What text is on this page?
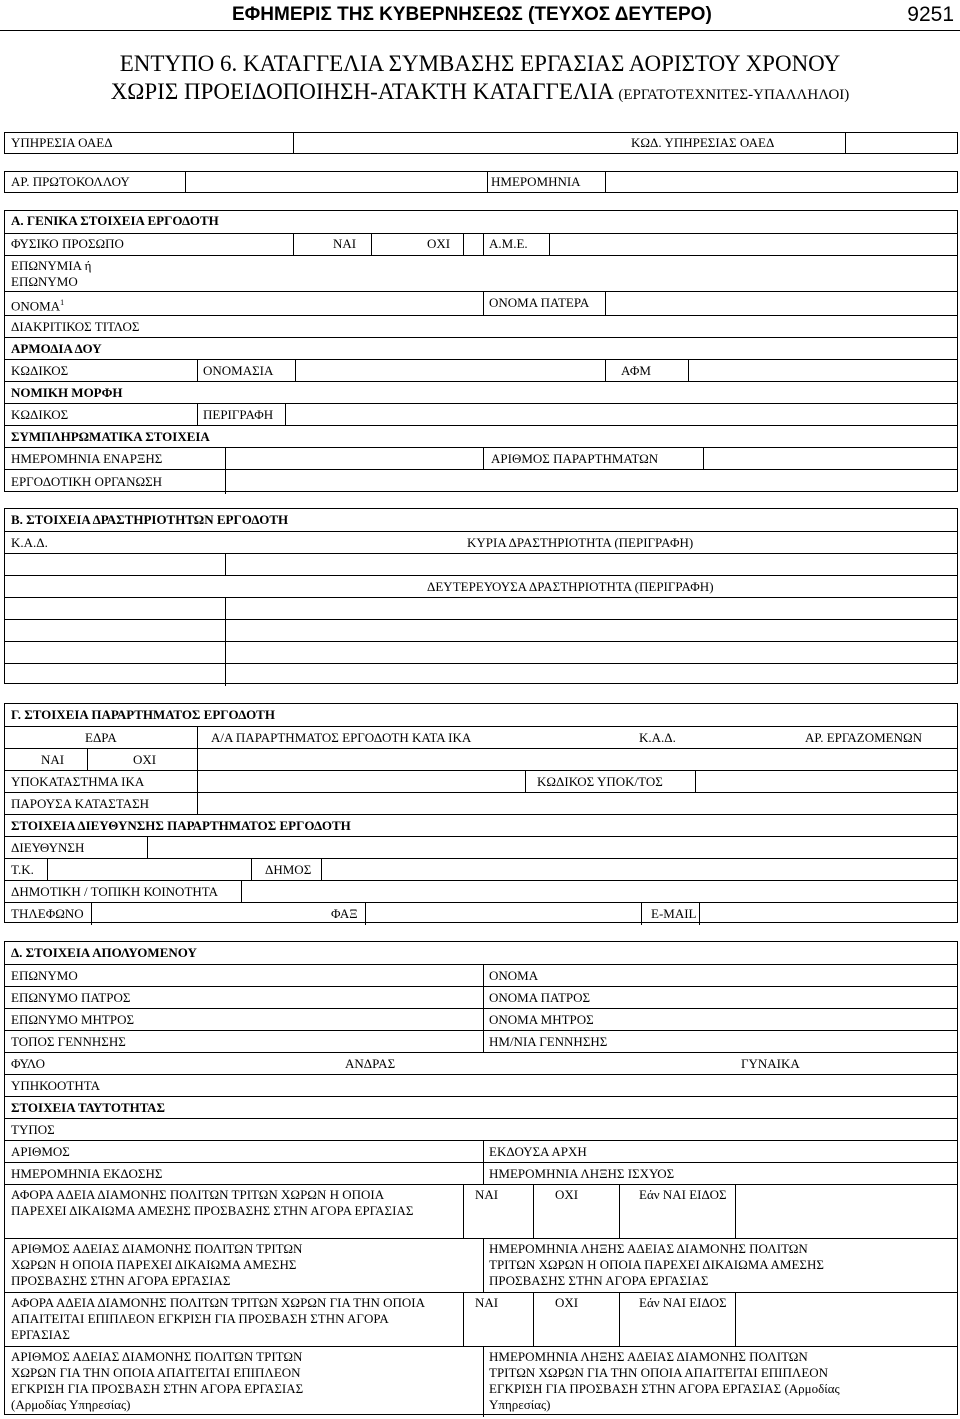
ΕΦΗΜΕΡΙΣ ΤΗΣ ΚΥΒΕΡΝΗΣΕΩΣ (ΤΕΥΧΟΣ ΔΕΥΤΕΡΟ)	9251
ΕΝΤΥΠΟ 6. ΚΑΤΑΓΓΕΛΙΑ ΣΥΜΒΑΣΗΣ ΕΡΓΑΣΙΑΣ ΑΟΡΙΣΤΟΥ ΧΡΟΝΟΥ
ΧΩΡΙΣ ΠΡΟΕΙΔΟΠΟΙΗΣΗ-ΑΤΑΚΤΗ ΚΑΤΑΓΓΕΛΙΑ (ΕΡΓΑΤΟΤΕΧΝΙΤΕΣ-ΥΠΑΛΛΗΛΟΙ)
ΥΠΗΡΕΣΙΑ ΟΑΕΔ	ΚΩΔ. ΥΠΗΡΕΣΙΑΣ ΟΑΕΔ
ΑΡ. ΠΡΩΤΟΚΟΛΛΟΥ	ΗΜΕΡΟΜΗΝΙΑ
Α. ΓΕΝΙΚΑ ΣΤΟΙΧΕΙΑ ΕΡΓΟΔΟΤΗ
ΦΥΣΙΚΟ ΠΡΟΣΩΠΟ	ΝΑΙ	ΟΧΙ	Α.Μ.Ε.
ΕΠΩΝΥΜΙΑ ή
ΕΠΩΝΥΜΟ
ΟΝΟΜΑ$^1$	ΟΝΟΜΑ ΠΑΤΕΡΑ
ΔΙΑΚΡΙΤΙΚΟΣ ΤΙΤΛΟΣ
ΑΡΜΟΔΙΑ ΔΟΥ
ΚΩΔΙΚΟΣ	ΟΝΟΜΑΣΙΑ	ΑΦΜ
ΝΟΜΙΚΗ ΜΟΡΦΗ
ΚΩΔΙΚΟΣ	ΠΕΡΙΓΡΑΦΗ
ΣΥΜΠΛΗΡΩΜΑΤΙΚΑ ΣΤΟΙΧΕΙΑ
ΗΜΕΡΟΜΗΝΙΑ ΕΝΑΡΞΗΣ	ΑΡΙΘΜΟΣ ΠΑΡΑΡΤΗΜΑΤΩΝ
ΕΡΓΟΔΟΤΙΚΗ ΟΡΓΑΝΩΣΗ
Β. ΣΤΟΙΧΕΙΑ ΔΡΑΣΤΗΡΙΟΤΗΤΩΝ ΕΡΓΟΔΟΤΗ
Κ.Α.Δ.	ΚΥΡΙΑ ΔΡΑΣΤΗΡΙΟΤΗΤΑ (ΠΕΡΙΓΡΑΦΗ)
ΔΕΥΤΕΡΕΥΟΥΣΑ ΔΡΑΣΤΗΡΙΟΤΗΤΑ (ΠΕΡΙΓΡΑΦΗ)
Γ. ΣΤΟΙΧΕΙΑ ΠΑΡΑΡΤΗΜΑΤΟΣ ΕΡΓΟΔΟΤΗ
ΕΔΡΑ	Α/Α ΠΑΡΑΡΤΗΜΑΤΟΣ ΕΡΓΟΔΟΤΗ ΚΑΤΑ ΙΚΑ	Κ.Α.Δ.	ΑΡ. ΕΡΓΑΖΟΜΕΝΩΝ
ΝΑΙ	ΟΧΙ
ΥΠΟΚΑΤΑΣΤΗΜΑ ΙΚΑ	ΚΩΔΙΚΟΣ ΥΠΟΚ/ΤΟΣ
ΠΑΡΟΥΣΑ ΚΑΤΑΣΤΑΣΗ
ΣΤΟΙΧΕΙΑ ΔΙΕΥΘΥΝΣΗΣ ΠΑΡΑΡΤΗΜΑΤΟΣ ΕΡΓΟΔΟΤΗ
ΔΙΕΥΘΥΝΣΗ
Τ.Κ.	ΔΗΜΟΣ
ΔΗΜΟΤΙΚΗ / ΤΟΠΙΚΗ ΚΟΙΝΟΤΗΤΑ
ΤΗΛΕΦΩΝΟ	ΦΑΞ	E-MAIL
Δ. ΣΤΟΙΧΕΙΑ ΑΠΟΛΥΟΜΕΝΟΥ
ΕΠΩΝΥΜΟ	ΟΝΟΜΑ
ΕΠΩΝΥΜΟ ΠΑΤΡΟΣ	ΟΝΟΜΑ ΠΑΤΡΟΣ
ΕΠΩΝΥΜΟ ΜΗΤΡΟΣ	ΟΝΟΜΑ ΜΗΤΡΟΣ
ΤΟΠΟΣ ΓΕΝΝΗΣΗΣ	ΗΜ/ΝΙΑ ΓΕΝΝΗΣΗΣ
ΦΥΛΟ	ΑΝΔΡΑΣ	ΓΥΝΑΙΚΑ
ΥΠΗΚΟΟΤΗΤΑ
ΣΤΟΙΧΕΙΑ ΤΑΥΤΟΤΗΤΑΣ
ΤΥΠΟΣ
ΑΡΙΘΜΟΣ	ΕΚΔΟΥΣΑ ΑΡΧΗ
ΗΜΕΡΟΜΗΝΙΑ ΕΚΔΟΣΗΣ	ΗΜΕΡΟΜΗΝΙΑ ΛΗΞΗΣ ΙΣΧΥΟΣ
ΑΦΟΡΑ ΑΔΕΙΑ ΔΙΑΜΟΝΗΣ ΠΟΛΙΤΩΝ ΤΡΙΤΩΝ ΧΩΡΩΝ Η ΟΠΟΙΑ ΠΑΡΕΧΕΙ ΔΙΚΑΙΩΜΑ ΑΜΕΣΗΣ ΠΡΟΣΒΑΣΗΣ ΣΤΗΝ ΑΓΟΡΑ ΕΡΓΑΣΙΑΣ
ΝΑΙ	ΟΧΙ	Εάν ΝΑΙ ΕΙΔΟΣ
ΑΡΙΘΜΟΣ ΑΔΕΙΑΣ ΔΙΑΜΟΝΗΣ ΠΟΛΙΤΩΝ ΤΡΙΤΩΝ ΧΩΡΩΝ Η ΟΠΟΙΑ ΠΑΡΕΧΕΙ ΔΙΚΑΙΩΜΑ ΑΜΕΣΗΣ ΠΡΟΣΒΑΣΗΣ ΣΤΗΝ ΑΓΟΡΑ ΕΡΓΑΣΙΑΣ
ΗΜΕΡΟΜΗΝΙΑ ΛΗΞΗΣ ΑΔΕΙΑΣ ΔΙΑΜΟΝΗΣ ΠΟΛΙΤΩΝ ΤΡΙΤΩΝ ΧΩΡΩΝ Η ΟΠΟΙΑ ΠΑΡΕΧΕΙ ΔΙΚΑΙΩΜΑ ΑΜΕΣΗΣ ΠΡΟΣΒΑΣΗΣ ΣΤΗΝ ΑΓΟΡΑ ΕΡΓΑΣΙΑΣ
ΑΦΟΡΑ ΑΔΕΙΑ ΔΙΑΜΟΝΗΣ ΠΟΛΙΤΩΝ ΤΡΙΤΩΝ ΧΩΡΩΝ ΓΙΑ ΤΗΝ ΟΠΟΙΑ ΑΠΑΙΤΕΙΤΑΙ ΕΠΙΠΛΕΟΝ ΕΓΚΡΙΣΗ ΓΙΑ ΠΡΟΣΒΑΣΗ ΣΤΗΝ ΑΓΟΡΑ ΕΡΓΑΣΙΑΣ
ΝΑΙ	ΟΧΙ	Εάν ΝΑΙ ΕΙΔΟΣ
ΑΡΙΘΜΟΣ ΑΔΕΙΑΣ ΔΙΑΜΟΝΗΣ ΠΟΛΙΤΩΝ ΤΡΙΤΩΝ ΧΩΡΩΝ ΓΙΑ ΤΗΝ ΟΠΟΙΑ ΑΠΑΙΤΕΙΤΑΙ ΕΠΙΠΛΕΟΝ ΕΓΚΡΙΣΗ ΓΙΑ ΠΡΟΣΒΑΣΗ ΣΤΗΝ ΑΓΟΡΑ ΕΡΓΑΣΙΑΣ (Αρμοδίας Υπηρεσίας)
ΗΜΕΡΟΜΗΝΙΑ ΛΗΞΗΣ ΑΔΕΙΑΣ ΔΙΑΜΟΝΗΣ ΠΟΛΙΤΩΝ ΤΡΙΤΩΝ ΧΩΡΩΝ ΓΙΑ ΤΗΝ ΟΠΟΙΑ ΑΠΑΙΤΕΙΤΑΙ ΕΠΙΠΛΕΟΝ ΕΓΚΡΙΣΗ ΓΙΑ ΠΡΟΣΒΑΣΗ ΣΤΗΝ ΑΓΟΡΑ ΕΡΓΑΣΙΑΣ (Αρμοδίας Υπηρεσίας)
